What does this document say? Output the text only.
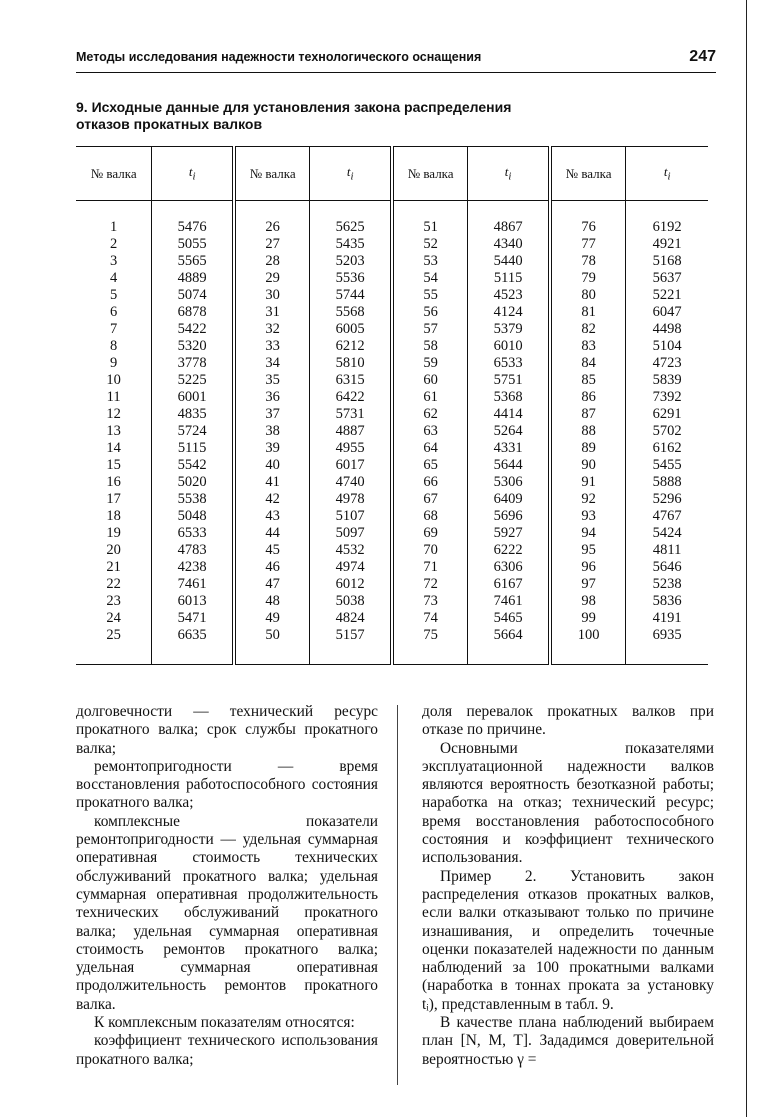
Методы исследования надежности технологического оснащения	247
9. Исходные данные для установления закона распределения
отказов прокатных валков
№ валка	$t_i$	№ валка	$t_i$	№ валка	$t_i$	№ валка	$t_i$
1	5476	26	5625	51	4867	76	6192
2	5055	27	5435	52	4340	77	4921
3	5565	28	5203	53	5440	78	5168
4	4889	29	5536	54	5115	79	5637
5	5074	30	5744	55	4523	80	5221
6	6878	31	5568	56	4124	81	6047
7	5422	32	6005	57	5379	82	4498
8	5320	33	6212	58	6010	83	5104
9	3778	34	5810	59	6533	84	4723
10	5225	35	6315	60	5751	85	5839
11	6001	36	6422	61	5368	86	7392
12	4835	37	5731	62	4414	87	6291
13	5724	38	4887	63	5264	88	5702
14	5115	39	4955	64	4331	89	6162
15	5542	40	6017	65	5644	90	5455
16	5020	41	4740	66	5306	91	5888
17	5538	42	4978	67	6409	92	5296
18	5048	43	5107	68	5696	93	4767
19	6533	44	5097	69	5927	94	5424
20	4783	45	4532	70	6222	95	4811
21	4238	46	4974	71	6306	96	5646
22	7461	47	6012	72	6167	97	5238
23	6013	48	5038	73	7461	98	5836
24	5471	49	4824	74	5465	99	4191
25	6635	50	5157	75	5664	100	6935

долговечности — технический ресурс прокатного валка; срок службы прокатного валка;

ремонтопригодности — время восстановления работоспособного состояния прокатного валка;

комплексные показатели ремонтопригодности — удельная суммарная оперативная стоимость технических обслуживаний прокатного валка; удельная суммарная оперативная продолжительность технических обслуживаний прокатного валка; удельная суммарная оперативная стоимость ремонтов прокатного валка; удельная суммарная оперативная продолжительность ремонтов прокатного валка.

К комплексным показателям относятся:

коэффициент технического использования прокатного валка;

доля перевалок прокатных валков при отказе по причине.

Основными показателями эксплуатационной надежности валков являются вероятность безотказной работы; наработка на отказ; технический ресурс; время восстановления работоспособного состояния и коэффициент технического использования.

Пример 2. Установить закон распределения отказов прокатных валков, если валки отказывают только по причине изнашивания, и определить точечные оценки показателей надежности по данным наблюдений за 100 прокатными валками (наработка в тоннах проката за установку tᵢ), представленным в табл. 9.

В качестве плана наблюдений выбираем план [N, M, T]. Зададимся доверительной вероятностью γ =
